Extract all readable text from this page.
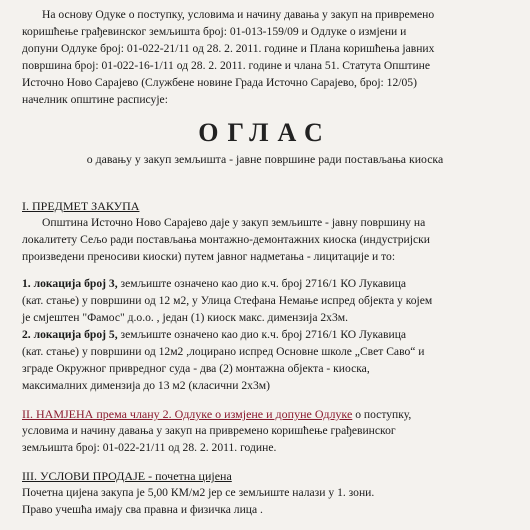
На основу Одуке о поступку, условима и начину давања у закуп на привремено
коришћење грађевинског земљишта број: 01-013-159/09 и Одлуке о измјени и
допуни Одлуке број: 01-022-21/11 од 28. 2. 2011. године и Плана коришћења јавних
површина број: 01-022-16-1/11 од 28. 2. 2011. године и члана 51. Статута Општине
Источно Ново Сарајево (Службене новине Града Источно Сарајево, број: 12/05)
начелник општине расписује:
ОГЛАС
о давању у закуп земљишта - јавне површине ради постављања киоска
I. ПРЕДМЕТ ЗАКУПА
Општина Источно Ново Сарајево даје у закуп земљиште - јавну површину на
локалитету Сељо ради постављања монтажно-демонтажних киоска (индустријски
произведени преносиви киоски) путем јавног надметања - лицитације и то:
1. локација број 3, земљиште означено као дио к.ч. број 2716/1 КО Лукавица
(кат. стање) у површини од 12 м2, у Улица Стефана Немање испред објекта у којем
је смјештен "Фамос" д.о.о. , један (1) киоск макс. димензија 2х3м.
2. локација број 5, земљиште означено као дио к.ч. број 2716/1 КО Лукавица
(кат. стање) у површини од 12м2 ,лоцирано испред Основне школе „Свет Саво“ и
зграде Окружног привредног суда - два (2) монтажна објекта - киоска,
максималних димензија до 13 м2 (класични 2х3м)
II. НАМЈЕНА према члану 2. Одлуке о измјене и допуне Одлуке о поступку,
условима и начину давања у закуп на привремено коришћење грађевинског
земљишта број: 01-022-21/11 од 28. 2. 2011. године.
III. УСЛОВИ ПРОДАЈЕ - почетна цијена
Почетна цијена закупа је 5,00 КМ/м2 јер се земљиште налази у 1. зони.
Право учешћа имају сва правна и физичка лица .
